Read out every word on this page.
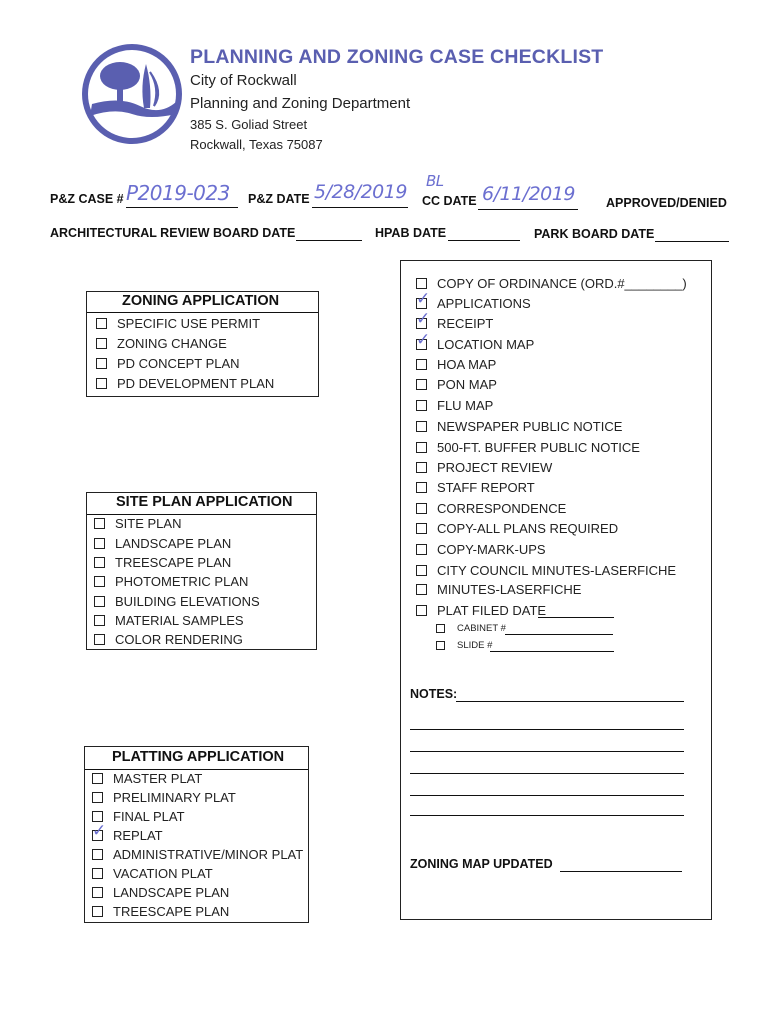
PLANNING AND ZONING CASE CHECKLIST
City of Rockwall
Planning and Zoning Department
385 S. Goliad Street
Rockwall, Texas 75087
P&Z CASE # P2019-023 P&Z DATE 5/28/2019 BL
CC DATE 6/11/2019 APPROVED/DENIED
ARCHITECTURAL REVIEW BOARD DATE	HPAB DATE	PARK BOARD DATE
ZONING APPLICATION
SPECIFIC USE PERMIT
ZONING CHANGE
PD CONCEPT PLAN
PD DEVELOPMENT PLAN
SITE PLAN APPLICATION
SITE PLAN
LANDSCAPE PLAN
TREESCAPE PLAN
PHOTOMETRIC PLAN
BUILDING ELEVATIONS
MATERIAL SAMPLES
COLOR RENDERING
PLATTING APPLICATION
MASTER PLAT
PRELIMINARY PLAT
FINAL PLAT
✓
REPLAT
ADMINISTRATIVE/MINOR PLAT
VACATION PLAT
LANDSCAPE PLAN
TREESCAPE PLAN
COPY OF ORDINANCE (ORD.#________)
✓
APPLICATIONS
✓
RECEIPT
✓
LOCATION MAP
HOA MAP
PON MAP
FLU MAP
NEWSPAPER PUBLIC NOTICE
500-FT. BUFFER PUBLIC NOTICE
PROJECT REVIEW
STAFF REPORT
CORRESPONDENCE
COPY-ALL PLANS REQUIRED
COPY-MARK-UPS
CITY COUNCIL MINUTES-LASERFICHE
MINUTES-LASERFICHE
PLAT FILED DATE
CABINET #
SLIDE #
NOTES:
ZONING MAP UPDATED
